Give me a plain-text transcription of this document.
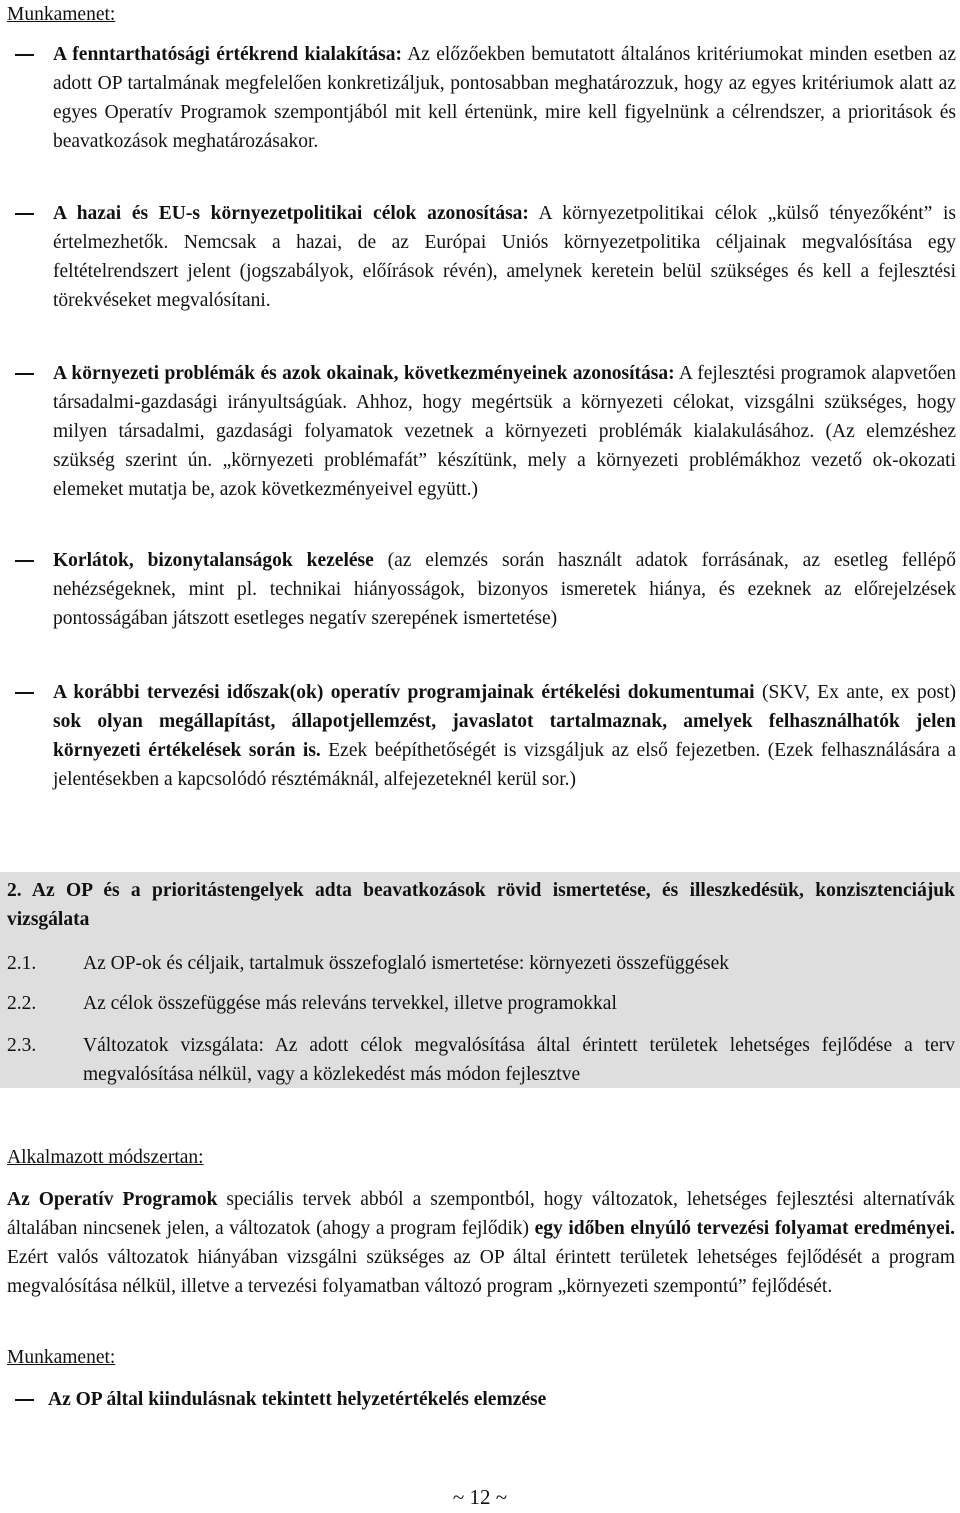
Munkamenet:

A fenntarthatósági értékrend kialakítása: Az előzőekben bemutatott általános kritériumokat minden esetben az adott OP tartalmának megfelelően konkretizáljuk, pontosabban meghatározzuk, hogy az egyes kritériumok alatt az egyes Operatív Programok szempontjából mit kell értenünk, mire kell figyelnünk a célrendszer, a prioritások és beavatkozások meghatározásakor.

A hazai és EU-s környezetpolitikai célok azonosítása: A környezetpolitikai célok „külső tényezőként” is értelmezhetők. Nemcsak a hazai, de az Európai Uniós környezetpolitika céljainak megvalósítása egy feltételrendszert jelent (jogszabályok, előírások révén), amelynek keretein belül szükséges és kell a fejlesztési törekvéseket megvalósítani.

A környezeti problémák és azok okainak, következményeinek azonosítása: A fejlesztési programok alapvetően társadalmi-gazdasági irányultságúak. Ahhoz, hogy megértsük a környezeti célokat, vizsgálni szükséges, hogy milyen társadalmi, gazdasági folyamatok vezetnek a környezeti problémák kialakulásához. (Az elemzéshez szükség szerint ún. „környezeti problémafát” készítünk, mely a környezeti problémákhoz vezető ok-okozati elemeket mutatja be, azok következményeivel együtt.)

Korlátok, bizonytalanságok kezelése (az elemzés során használt adatok forrásának, az esetleg fellépő nehézségeknek, mint pl. technikai hiányosságok, bizonyos ismeretek hiánya, és ezeknek az előrejelzések pontosságában játszott esetleges negatív szerepének ismertetése)

A korábbi tervezési időszak(ok) operatív programjainak értékelési dokumentumai (SKV, Ex ante, ex post) sok olyan megállapítást, állapotjellemzést, javaslatot tartalmaznak, amelyek felhasználhatók jelen környezeti értékelések során is. Ezek beépíthetőségét is vizsgáljuk az első fejezetben. (Ezek felhasználására a jelentésekben a kapcsolódó résztémáknál, alfejezeteknél kerül sor.)

2. Az OP és a prioritástengelyek adta beavatkozások rövid ismertetése, és illeszkedésük, konzisztenciájuk vizsgálata

2.1. Az OP-ok és céljaik, tartalmuk összefoglaló ismertetése: környezeti összefüggések

2.2. Az célok összefüggése más releváns tervekkel, illetve programokkal

2.3. Változatok vizsgálata: Az adott célok megvalósítása által érintett területek lehetséges fejlődése a terv megvalósítása nélkül, vagy a közlekedést más módon fejlesztve

Alkalmazott módszertan:

Az Operatív Programok speciális tervek abból a szempontból, hogy változatok, lehetséges fejlesztési alternatívák általában nincsenek jelen, a változatok (ahogy a program fejlődik) egy időben elnyúló tervezési folyamat eredményei. Ezért valós változatok hiányában vizsgálni szükséges az OP által érintett területek lehetséges fejlődését a program megvalósítása nélkül, illetve a tervezési folyamatban változó program „környezeti szempontú” fejlődését.

Munkamenet:

Az OP által kiindulásnak tekintett helyzetértékelés elemzése

~ 12 ~
